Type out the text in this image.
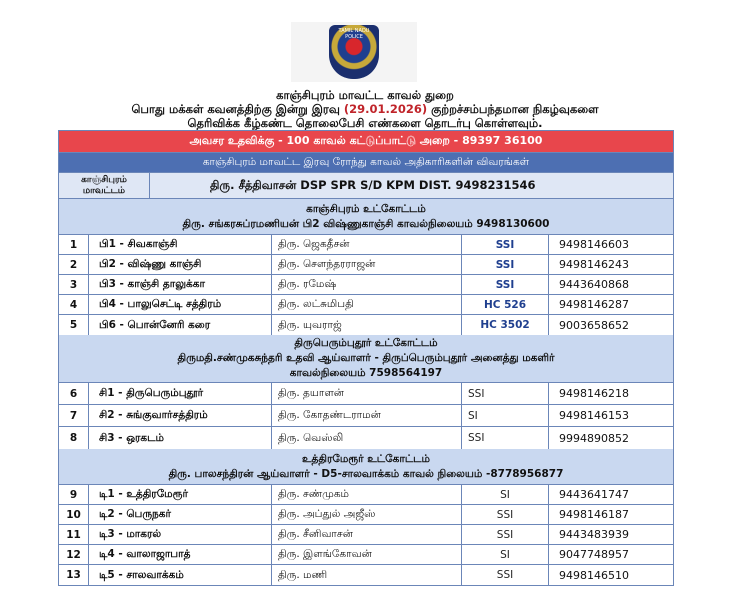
TAMIL NADU POLICE
காஞ்சிபுரம் மாவட்ட காவல் துறை
பொது மக்கள் கவனத்திற்கு இன்று இரவு (29.01.2026) குற்றச்சம்பந்தமான நிகழ்வுகளை
தெரிவிக்க கீழ்கண்ட தொலைபேசி எண்களை தொடர்பு கொள்ளவும்.
அவசர உதவிக்கு - 100 காவல் கட்டுப்பாட்டு அறை - 89397 36100
காஞ்சிபுரம் மாவட்ட இரவு ரோந்து காவல் அதிகாரிகளின் விவரங்கள்
காஞ்சிபுரம் மாவட்டம்	திரு. சீத்திவாசன் DSP SPR S/D KPM DIST. 9498231546
காஞ்சிபுரம் உட்கோட்டம்
திரு. சங்கரசுப்ரமணியன் பி2 விஷ்ணுகாஞ்சி காவல்நிலையம் 9498130600
1	பி1 - சிவகாஞ்சி	திரு. ஜெகதீசன்	SSI	9498146603
2	பி2 - விஷ்ணு காஞ்சி	திரு. சௌந்தரராஜன்	SSI	9498146243
3	பி3 - காஞ்சி தாலுக்கா	திரு. ரமேஷ்	SSI	9443640868
4	பி4 - பாலுசெட்டி சத்திரம்	திரு. லட்சுமிபதி	HC 526	9498146287
5	பி6 - பொன்னேரி கரை	திரு. யுவராஜ்	HC 3502	9003658652
திருபெரும்புதூர் உட்கோட்டம்
திருமதி.சண்முகசுந்தரி உதவி ஆய்வாளர் - திருப்பெரும்புதூர் அனைத்து மகளிர்
காவல்நிலையம் 7598564197
6	சி1 - திருபெரும்புதூர்	திரு. தயாளன்	SSI	9498146218
7	சி2 - சுங்குவார்சத்திரம்	திரு. கோதண்டராமன்	SI	9498146153
8	சி3 - ஒரகடம்	திரு. வெஸ்லி	SSI	9994890852
உத்திரமேரூர் உட்கோட்டம்
திரு. பாலசந்திரன் ஆய்வாளர் - D5-சாலவாக்கம் காவல் நிலையம் -8778956877
9	டி1 - உத்திரமேரூர்	திரு. சண்முகம்	SI	9443641747
10	டி2 - பெருநகர்	திரு. அப்துல் அஜீஸ்	SSI	9498146187
11	டி3 - மாகரல்	திரு. சீனிவாசன்	SSI	9443483939
12	டி4 - வாலாஜாபாத்	திரு. இளங்கோவன்	SI	9047748957
13	டி5 - சாலவாக்கம்	திரு. மணி	SSI	9498146510
